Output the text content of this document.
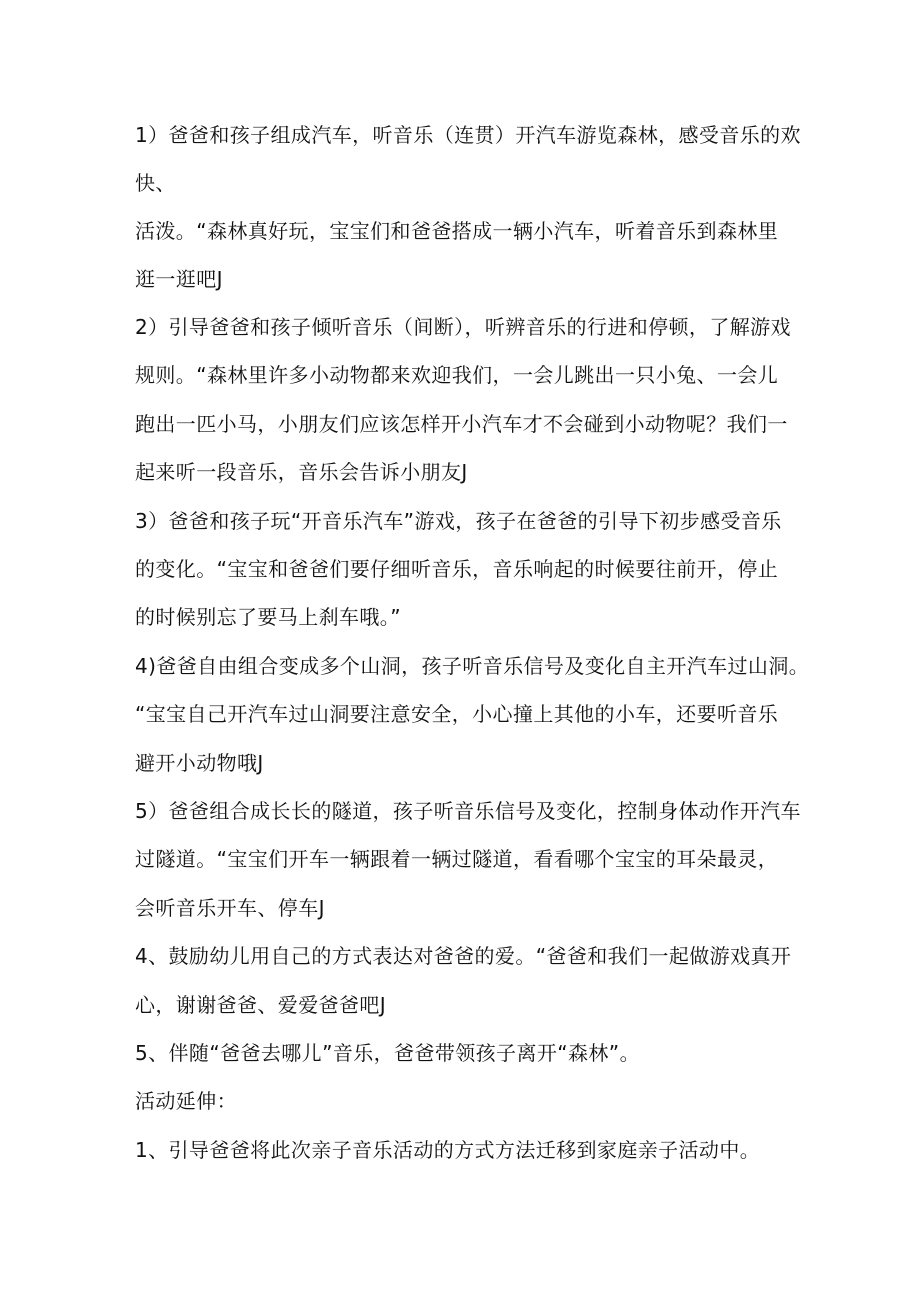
1）爸爸和孩子组成汽车，听音乐（连贯）开汽车游览森林，感受音乐的欢
快、
活泼。“森林真好玩，宝宝们和爸爸搭成一辆小汽车，听着音乐到森林里
逛一逛吧J
2）引导爸爸和孩子倾听音乐（间断），听辨音乐的行进和停顿，了解游戏
规则。“森林里许多小动物都来欢迎我们，一会儿跳出一只小兔、一会儿
跑出一匹小马，小朋友们应该怎样开小汽车才不会碰到小动物呢？我们一
起来听一段音乐，音乐会告诉小朋友J
3）爸爸和孩子玩“开音乐汽车”游戏，孩子在爸爸的引导下初步感受音乐
的变化。“宝宝和爸爸们要仔细听音乐，音乐响起的时候要往前开，停止
的时候别忘了要马上刹车哦。”
4)爸爸自由组合变成多个山洞，孩子听音乐信号及变化自主开汽车过山洞。
“宝宝自己开汽车过山洞要注意安全，小心撞上其他的小车，还要听音乐
避开小动物哦J
5）爸爸组合成长长的隧道，孩子听音乐信号及变化，控制身体动作开汽车
过隧道。“宝宝们开车一辆跟着一辆过隧道，看看哪个宝宝的耳朵最灵，
会听音乐开车、停车J
4、鼓励幼儿用自己的方式表达对爸爸的爱。“爸爸和我们一起做游戏真开
心，谢谢爸爸、爱爱爸爸吧J
5、伴随“爸爸去哪儿”音乐，爸爸带领孩子离开“森林”。
活动延伸：
1、引导爸爸将此次亲子音乐活动的方式方法迁移到家庭亲子活动中。
